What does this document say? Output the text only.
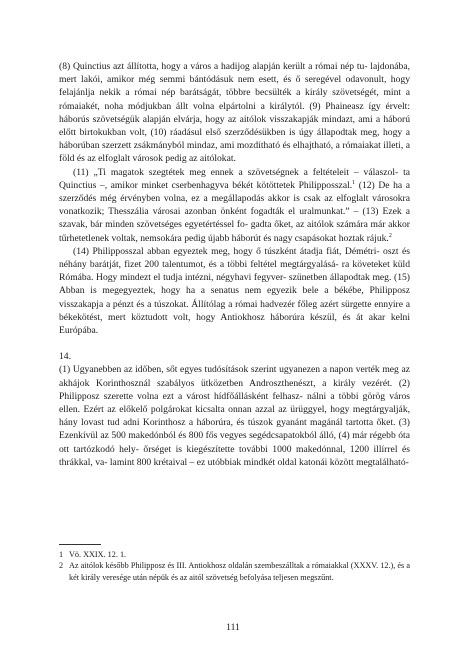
(8) Quinctius azt állította, hogy a város a hadijog alapján került a római nép tu- lajdonába, mert lakói, amikor még semmi bántódásuk nem esett, és ő seregével odavonult, hogy felajánlja nekik a római nép barátságát, többre becsülték a király szövetségét, mint a rómaiakét, noha módjukban állt volna elpártolni a királytól. (9) Phaineasz így érvelt: háborús szövetségük alapján elvárja, hogy az aitólok visszakapják mindazt, ami a háború előtt birtokukban volt, (10) ráadásul első szerződésükben is úgy állapodtak meg, hogy a háborúban szerzett zsákmányból mindaz, ami mozdítható és elhajtható, a rómaiakat illeti, a föld és az elfoglalt városok pedig az aitólokat.

(11) „Ti magatok szegtétek meg ennek a szövetségnek a feltételeit – válaszol- ta Quinctius –, amikor minket cserbenhagyva békét kötöttetek Philipposszal.$^1$ (12) De ha a szerződés még érvényben volna, ez a megállapodás akkor is csak az elfoglalt városokra vonatkozik; Thesszália városai azonban önként fogadták el uralmunkat.” – (13) Ezek a szavak, bár minden szövetséges egyetértéssel fo- gadta őket, az aitólok számára már akkor tűrhetetlenek voltak, nemsokára pedig újabb háborút és nagy csapásokat hoztak rájuk.$^2$

(14) Philipposszal abban egyeztek meg, hogy ő túszként átadja fiát, Démétri- oszt és néhány barátját, fizet 200 talentumot, és a többi feltétel megtárgyalásá- ra követeket küld Rómába. Hogy mindezt el tudja intézni, négyhavi fegyver- szünetben állapodtak meg. (15) Abban is megegyeztek, hogy ha a senatus nem egyezik bele a békébe, Philipposz visszakapja a pénzt és a túszokat. Állítólag a római hadvezér főleg azért sürgette ennyire a békekötést, mert köztudott volt, hogy Antiokhosz háborúra készül, és át akar kelni Európába.

14.

(1) Ugyanebben az időben, sőt egyes tudósítások szerint ugyanezen a napon verték meg az akhájok Korinthosznál szabályos ütközetben Androszthenészt, a király vezérét. (2) Philipposz szerette volna ezt a várost hídfőállásként felhasz- nálni a többi görög város ellen. Ezért az előkelő polgárokat kicsalta onnan azzal az ürüggyel, hogy megtárgyalják, hány lovast tud adni Korinthosz a háborúra, és túszok gyanánt magánál tartotta őket. (3) Ezenkívül az 500 makedónból és 800 fős vegyes segédcsapatokból álló, (4) már régebb óta ott tartózkodó hely- őrséget is kiegészítette további 1000 makedónnal, 1200 illírrel és thrákkal, va- lamint 800 krétaival – ez utóbbiak mindkét oldal katonái között megtalálható-

1 Vö. XXIX. 12. 1.

2 Az aitólok később Philipposz és III. Antiokhosz oldalán szembeszálltak a rómaiakkal (XXXV. 12.), és a két király veresége után népük és az aitól szövetség befolyása teljesen megszűnt.

111
